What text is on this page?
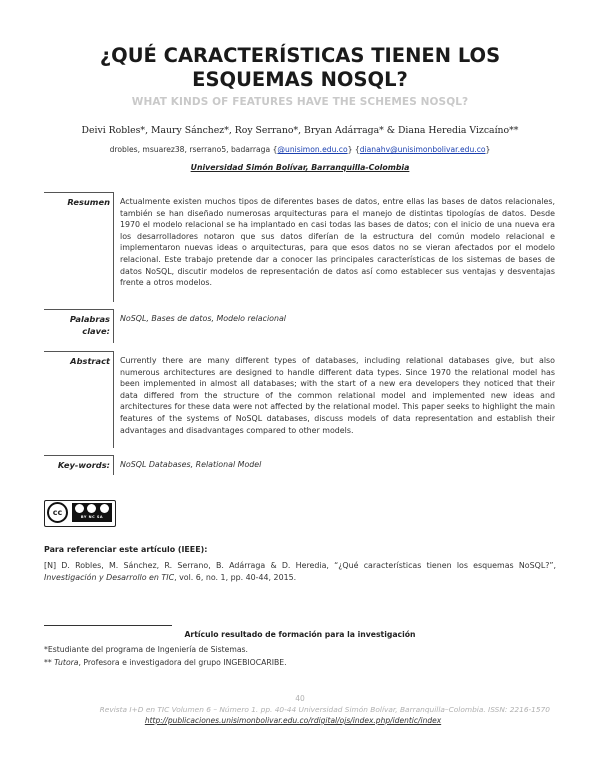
¿QUÉ CARACTERÍSTICAS TIENEN LOS ESQUEMAS NOSQL?
WHAT KINDS OF FEATURES HAVE THE SCHEMES NOSQL?
Deivi Robles*, Maury Sánchez*, Roy Serrano*, Bryan Adárraga* & Diana Heredia Vizcaíno**
drobles, msuarez38, rserrano5, badarraga {@unisimon.edu.co} {dianahv@unisimonbolivar.edu.co}
Universidad Simón Bolívar, Barranquilla-Colombia
Resumen Actualmente existen muchos tipos de diferentes bases de datos, entre ellas las bases de datos relacionales, también se han diseñado numerosas arquitecturas para el manejo de distintas tipologías de datos. Desde 1970 el modelo relacional se ha implantado en casi todas las bases de datos; con el inicio de una nueva era los desarrolladores notaron que sus datos diferían de la estructura del común modelo relacional e implementaron nuevas ideas o arquitecturas, para que esos datos no se vieran afectados por el modelo relacional. Este trabajo pretende dar a conocer las principales características de los sistemas de bases de datos NoSQL, discutir modelos de representación de datos así como establecer sus ventajas y desventajas frente a otros modelos.

Palabras
clave:

NoSQL, Bases de datos, Modelo relacional

Abstract Currently there are many different types of databases, including relational databases give, but also numerous architectures are designed to handle different data types. Since 1970 the relational model has been implemented in almost all databases; with the start of a new era developers they noticed that their data differed from the structure of the common relational model and implemented new ideas and architectures for these data were not affected by the relational model. This paper seeks to highlight the main features of the systems of NoSQL databases, discuss models of data representation and establish their advantages and disadvantages compared to other models.

Key-words: NoSQL Databases, Relational Model

cc	BY NC SA
Para referenciar este artículo (IEEE):
[N] D. Robles, M. Sánchez, R. Serrano, B. Adárraga & D. Heredia, “¿Qué características tienen los esquemas NoSQL?”, Investigación y Desarrollo en TIC, vol. 6, no. 1, pp. 40-44, 2015.
Artículo resultado de formación para la investigación
*Estudiante del programa de Ingeniería de Sistemas.
** Tutora, Profesora e investigadora del grupo INGEBIOCARIBE.
40
Revista I+D en TIC Volumen 6 – Número 1. pp. 40-44 Universidad Simón Bolívar, Barranquilla–Colombia. ISSN: 2216-1570
http://publicaciones.unisimonbolivar.edu.co/rdigital/ojs/index.php/identic/index
